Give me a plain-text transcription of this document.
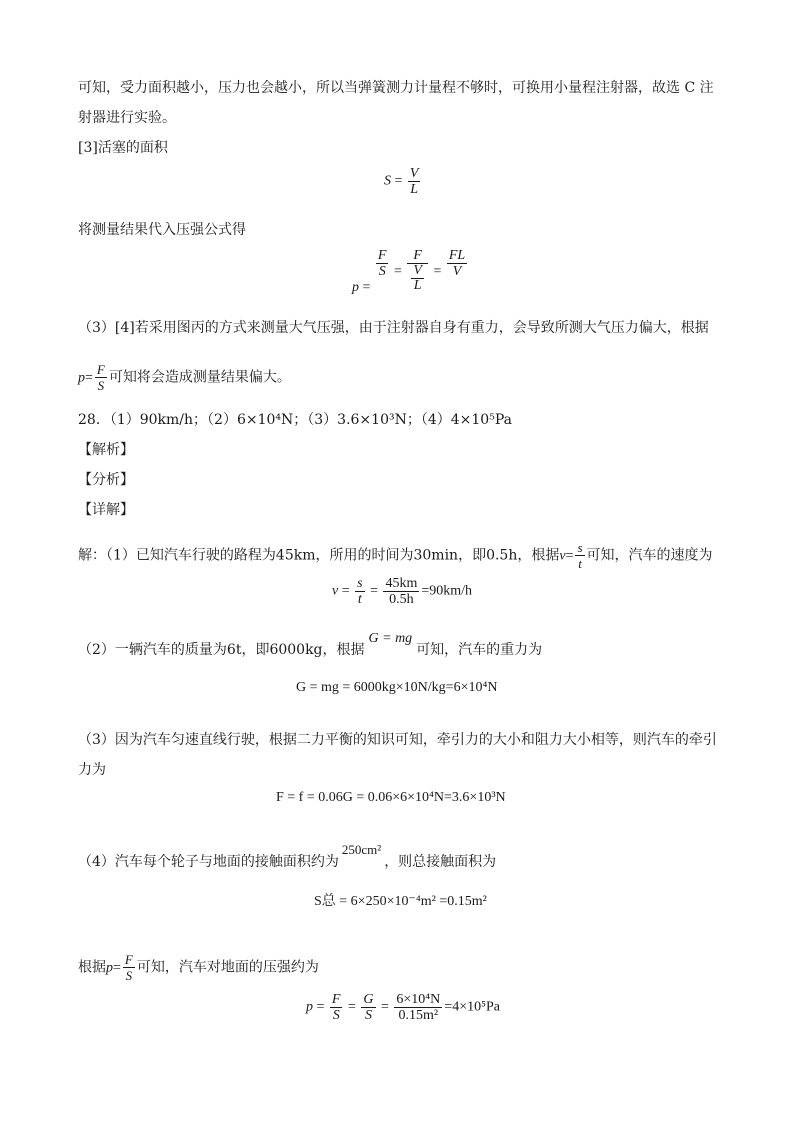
可知，受力面积越小，压力也会越小，所以当弹簧测力计量程不够时，可换用小量程注射器，故选 C 注
射器进行实验。
[3]活塞的面积
$S = \frac{V}{L}$
将测量结果代入压强公式得
p =
$\frac{F}{S} = \frac{F}{\frac{V}{L}} = \frac{FL}{V}$
（3）[4]若采用图丙的方式来测量大气压强，由于注射器自身有重力，会导致所测大气压力偏大，根据
$p= \frac{F}{S}$ 可知将会造成测量结果偏大。
28．（1）90km/h；（2）6×10⁴N；（3）3.6×10³N；（4）4×10⁵Pa
【解析】
【分析】
【详解】
解：（1）已知汽车行驶的路程为45km，所用的时间为30min，即0.5h，根据$v= \frac{s}{t}$ 可知，汽车的速度为
$v = \frac{s}{t} = \frac{45km}{0.5h} =90km/h$
（2）一辆汽车的质量为6t，即6000kg，根据G = mg可知，汽车的重力为
G = mg = 6000kg×10N/kg=6×10⁴N
（3）因为汽车匀速直线行驶，根据二力平衡的知识可知，牵引力的大小和阻力大小相等，则汽车的牵引
力为
F = f = 0.06G = 0.06×6×10⁴N=3.6×10³N
（4）汽车每个轮子与地面的接触面积约为250cm²，则总接触面积为
S总 = 6×250×10⁻⁴m² =0.15m²
根据$p= \frac{F}{S}$ 可知，汽车对地面的压强约为
$p = \frac{F}{S} = \frac{G}{S} = \frac{\text{6×10⁴N}}{\text{0.15m²}} =4\times 10^5Pa$
